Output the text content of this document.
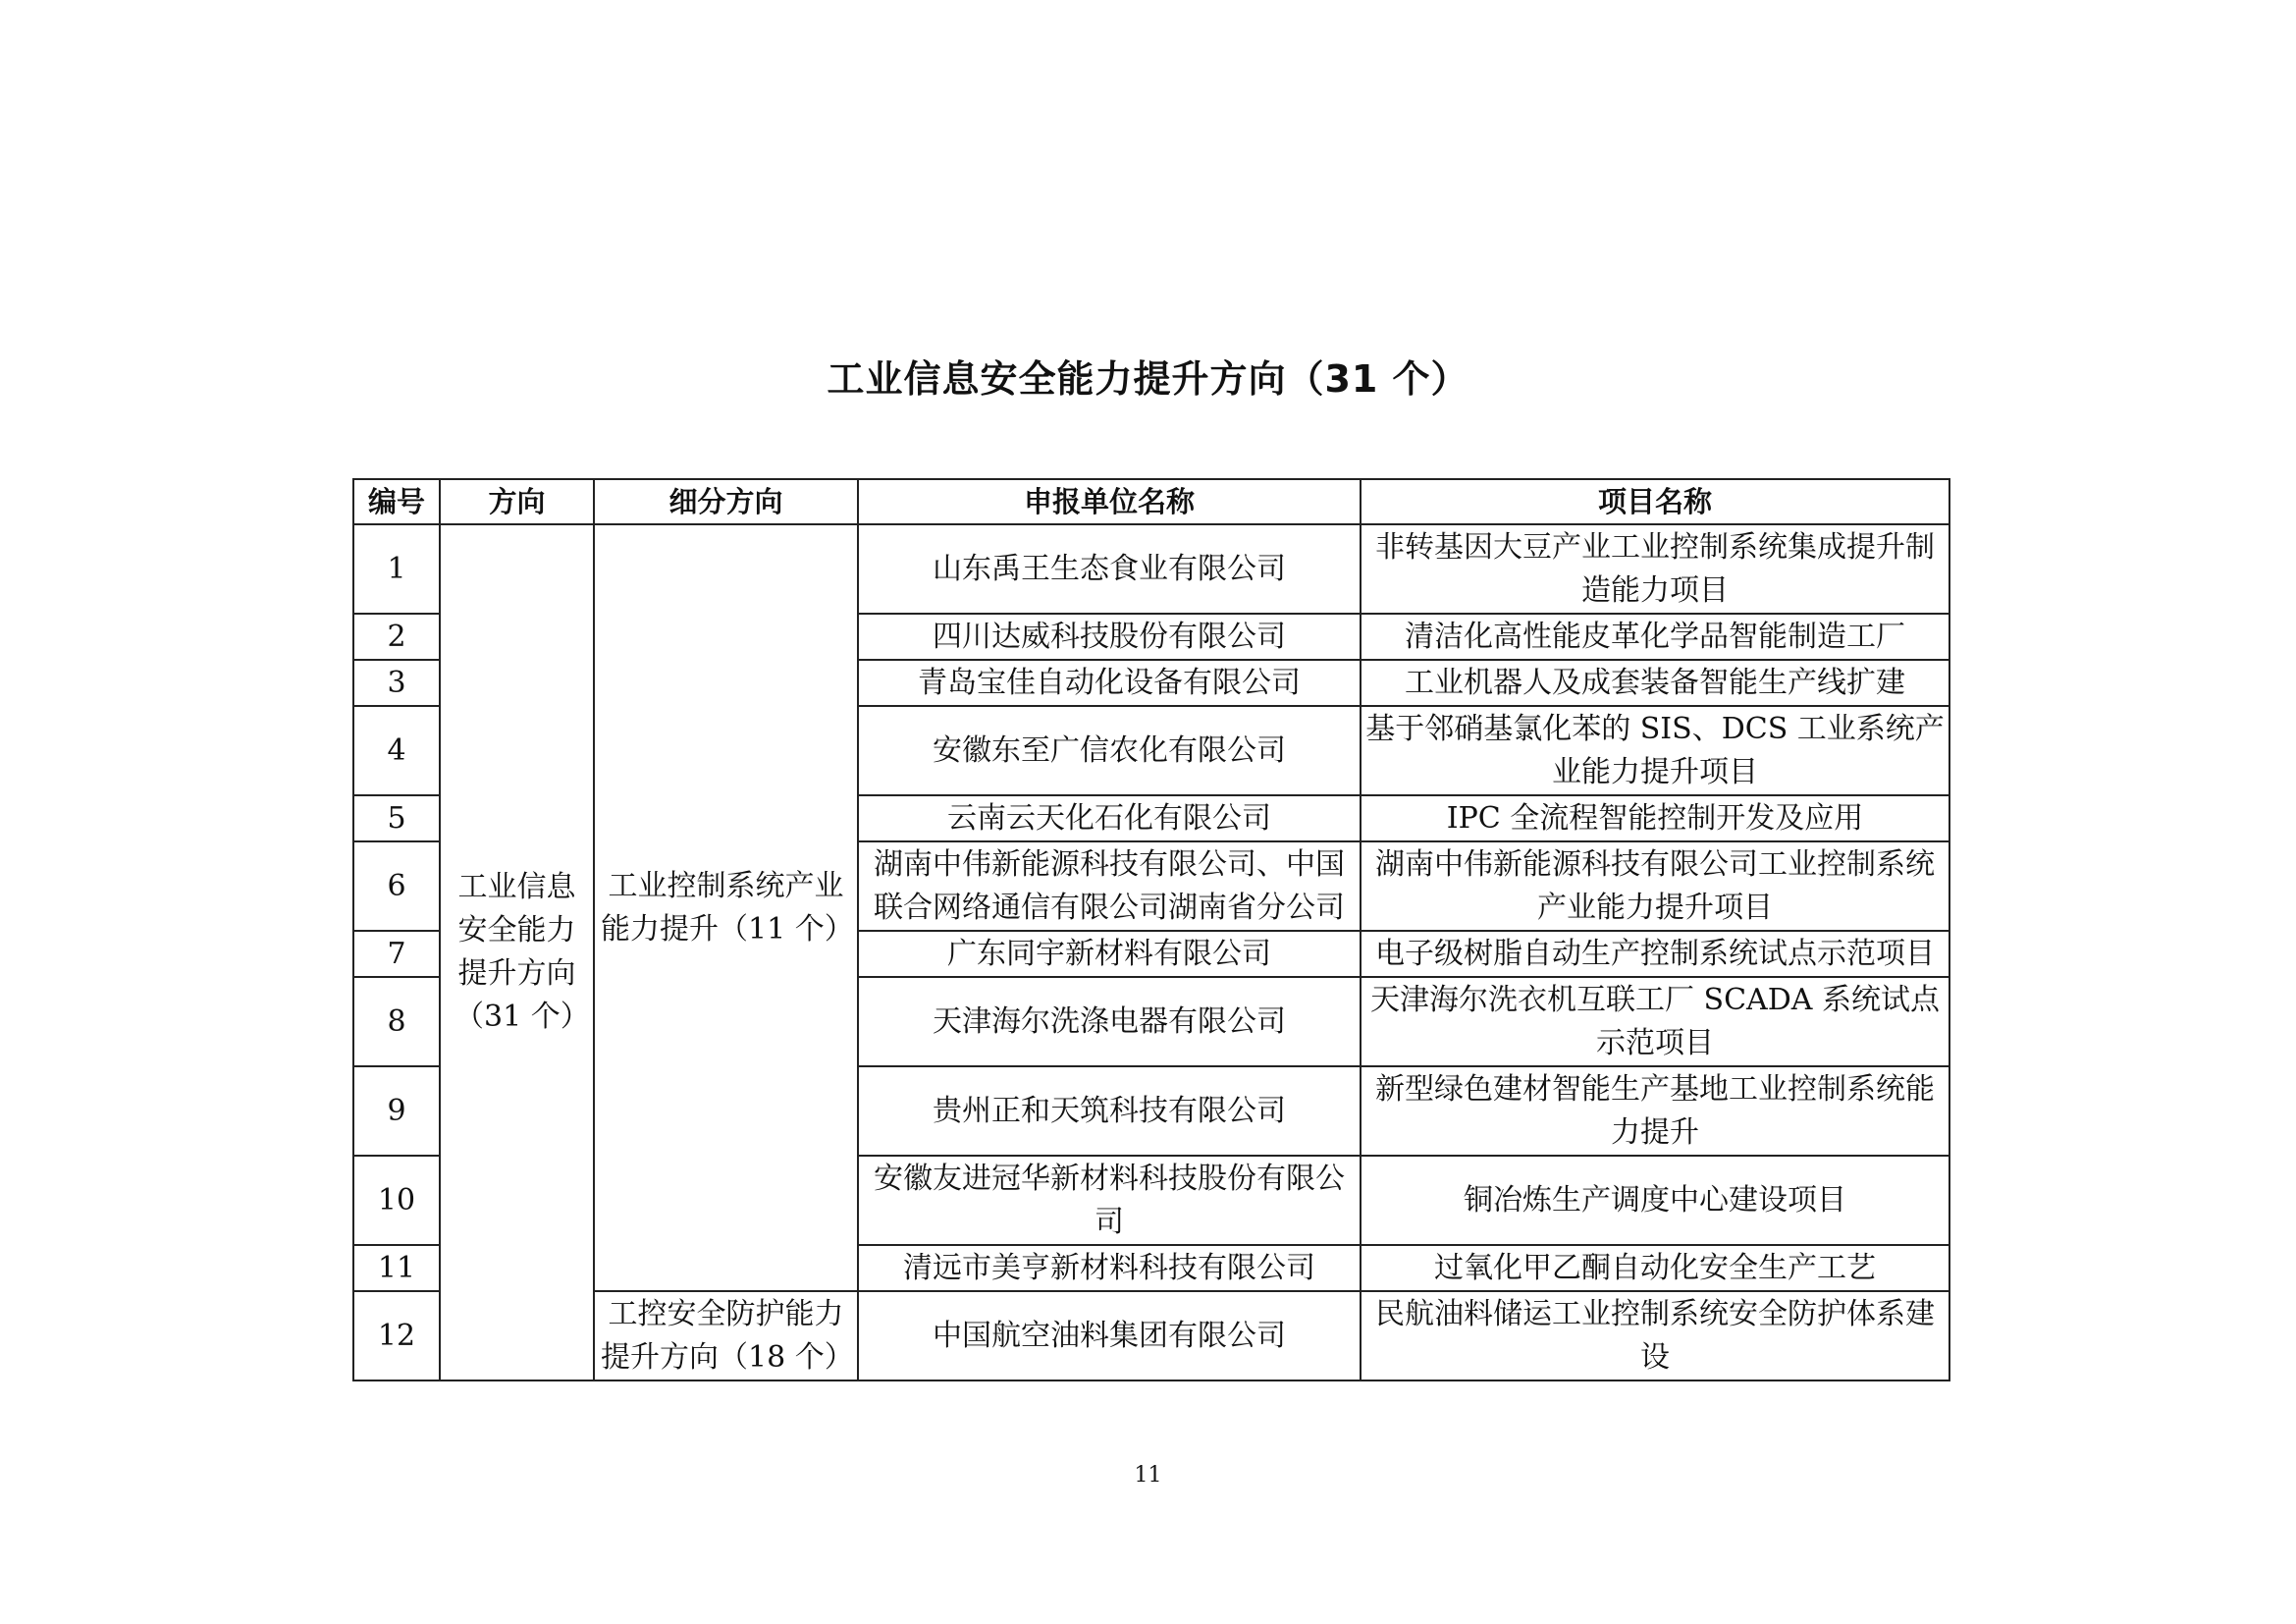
工业信息安全能力提升方向（31 个）
编号	方向	细分方向	申报单位名称	项目名称
1	工业信息安全能力提升方向（31 个）	工业控制系统产业能力提升（11 个）	山东禹王生态食业有限公司	非转基因大豆产业工业控制系统集成提升制造能力项目
2			四川达威科技股份有限公司	清洁化高性能皮革化学品智能制造工厂
3			青岛宝佳自动化设备有限公司	工业机器人及成套装备智能生产线扩建
4			安徽东至广信农化有限公司	基于邻硝基氯化苯的 SIS、DCS 工业系统产业能力提升项目
5			云南云天化石化有限公司	IPC 全流程智能控制开发及应用
6			湖南中伟新能源科技有限公司、中国联合网络通信有限公司湖南省分公司	湖南中伟新能源科技有限公司工业控制系统产业能力提升项目
7			广东同宇新材料有限公司	电子级树脂自动生产控制系统试点示范项目
8			天津海尔洗涤电器有限公司	天津海尔洗衣机互联工厂 SCADA 系统试点示范项目
9			贵州正和天筑科技有限公司	新型绿色建材智能生产基地工业控制系统能力提升
10			安徽友进冠华新材料科技股份有限公司	铜冶炼生产调度中心建设项目
11			清远市美亨新材料科技有限公司	过氧化甲乙酮自动化安全生产工艺
12		工控安全防护能力提升方向（18 个）	中国航空油料集团有限公司	民航油料储运工业控制系统安全防护体系建设
11
